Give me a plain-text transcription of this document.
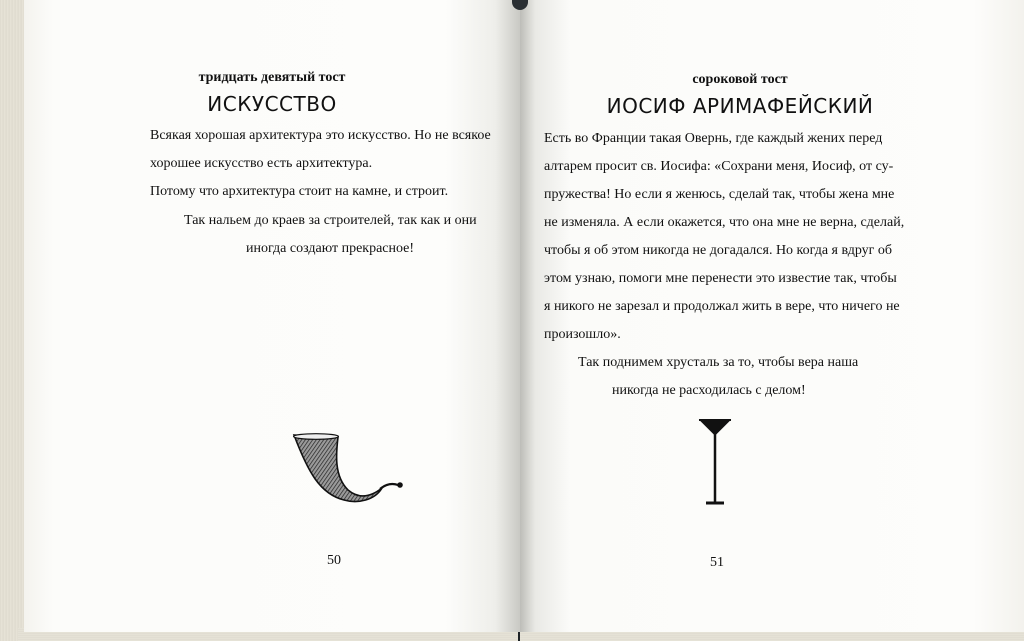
тридцать девятый тост
ИСКУССТВО
Всякая хорошая архитектура это искусство. Но не всякое
хорошее искусство есть архитектура.
Потому что архитектура стоит на камне, и строит.
Так нальем до краев за строителей, так как и они
иногда создают прекрасное!
50
сороковой тост
ИОСИФ АРИМАФЕЙСКИЙ
Есть во Франции такая Овернь, где каждый жених перед
алтарем просит св. Иосифа: «Сохрани меня, Иосиф, от су-
пружества! Но если я женюсь, сделай так, чтобы жена мне
не изменяла. А если окажется, что она мне не верна, сделай,
чтобы я об этом никогда не догадался. Но когда я вдруг об
этом узнаю, помоги мне перенести это известие так, чтобы
я никого не зарезал и продолжал жить в вере, что ничего не
произошло».
Так поднимем хрусталь за то, чтобы вера наша
никогда не расходилась с делом!
51
